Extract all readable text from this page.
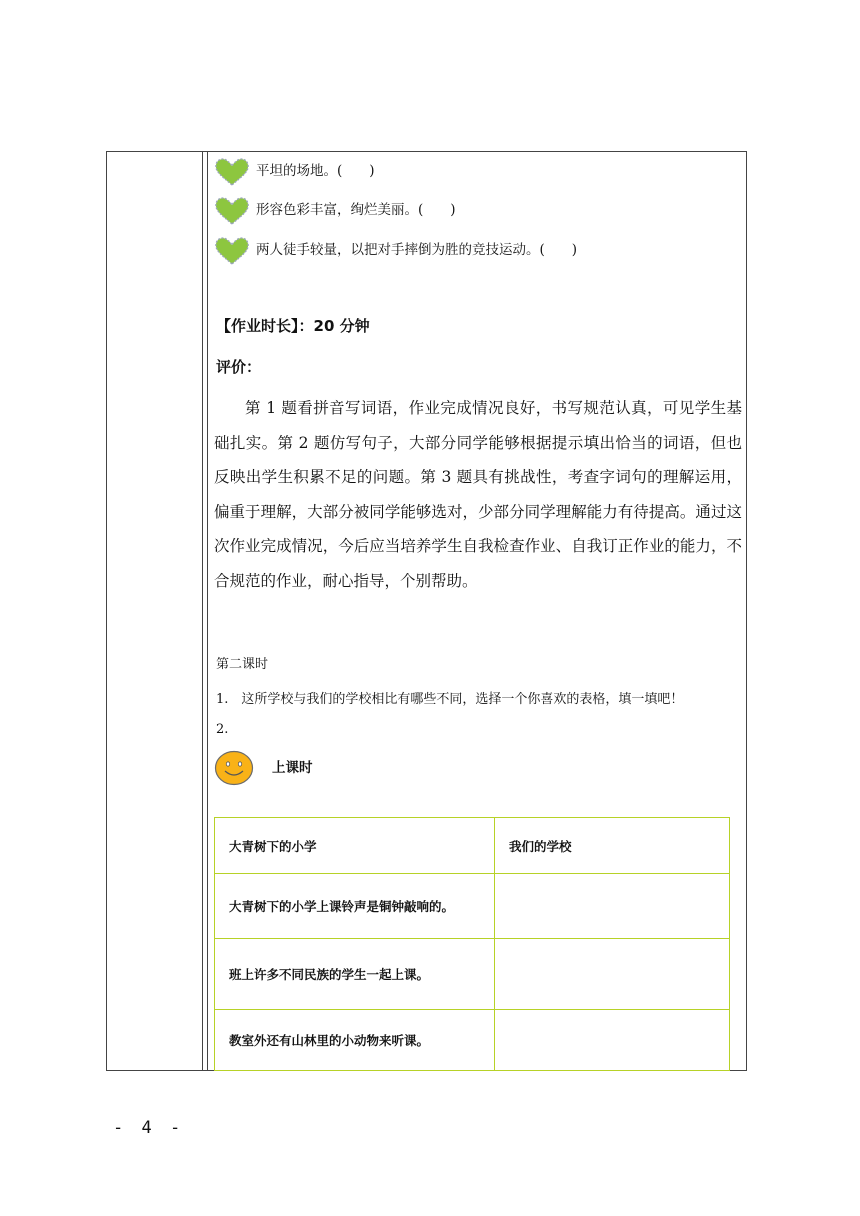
平坦的场地。(　　)
形容色彩丰富，绚烂美丽。(　　)
两人徒手较量，以把对手摔倒为胜的竞技运动。(　　)
【作业时长】：20 分钟
评价：
第 1 题看拼音写词语，作业完成情况良好，书写规范认真，可见学生基础扎实。第 2 题仿写句子，大部分同学能够根据提示填出恰当的词语，但也反映出学生积累不足的问题。第 3 题具有挑战性，考查字词句的理解运用，偏重于理解，大部分被同学能够选对，少部分同学理解能力有待提高。通过这次作业完成情况，今后应当培养学生自我检查作业、自我订正作业的能力，不合规范的作业，耐心指导，个别帮助。
第二课时
1.　这所学校与我们的学校相比有哪些不同，选择一个你喜欢的表格，填一填吧！
2.
上课时
大青树下的小学	我们的学校
大青树下的小学上课铃声是铜钟敲响的。	
班上许多不同民族的学生一起上课。	
教室外还有山林里的小动物来听课。	
- 4 -
